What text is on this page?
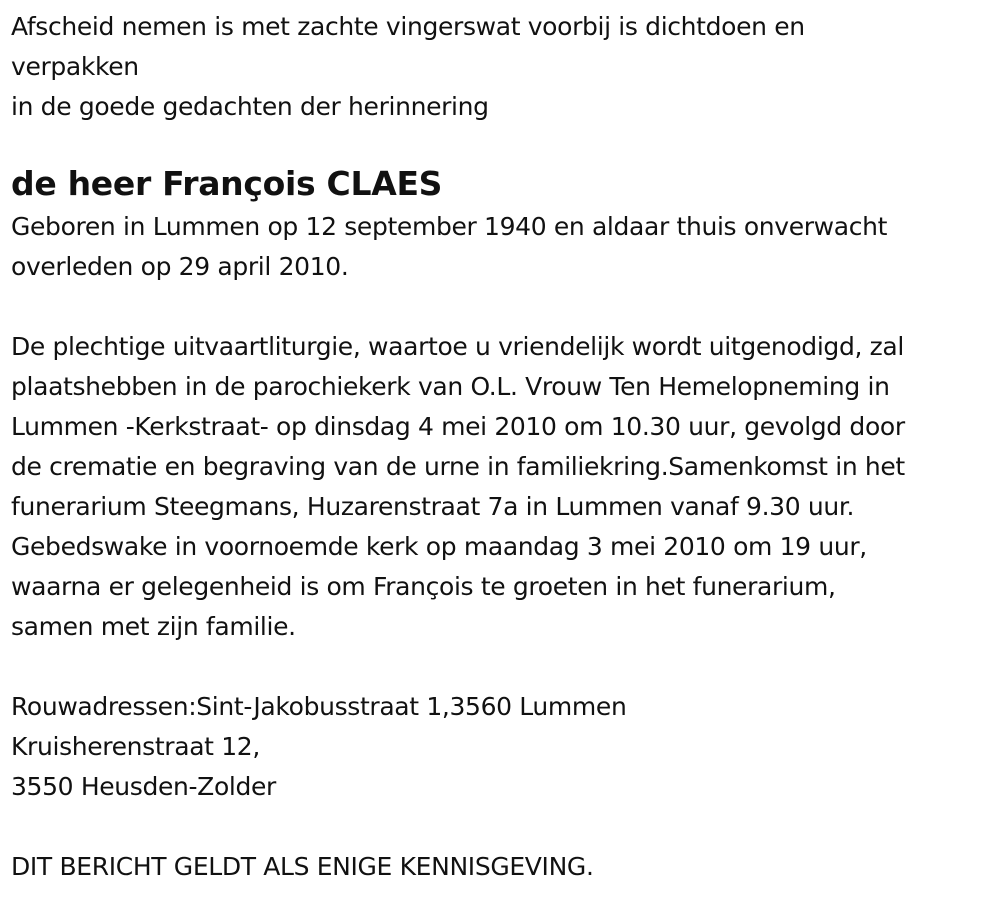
Afscheid nemen is met zachte vingerswat voorbij is dichtdoen en
verpakken
in de goede gedachten der herinnering
de heer François CLAES
Geboren in Lummen op 12 september 1940 en aldaar thuis onverwacht
overleden op 29 april 2010.
De plechtige uitvaartliturgie, waartoe u vriendelijk wordt uitgenodigd, zal
plaatshebben in de parochiekerk van O.L. Vrouw Ten Hemelopneming in
Lummen -Kerkstraat- op dinsdag 4 mei 2010 om 10.30 uur, gevolgd door
de crematie en begraving van de urne in familiekring.Samenkomst in het
funerarium Steegmans, Huzarenstraat 7a in Lummen vanaf 9.30 uur.
Gebedswake in voornoemde kerk op maandag 3 mei 2010 om 19 uur,
waarna er gelegenheid is om François te groeten in het funerarium,
samen met zijn familie.
Rouwadressen:Sint-Jakobusstraat 1,3560 Lummen
Kruisherenstraat 12,
3550 Heusden-Zolder
DIT BERICHT GELDT ALS ENIGE KENNISGEVING.
